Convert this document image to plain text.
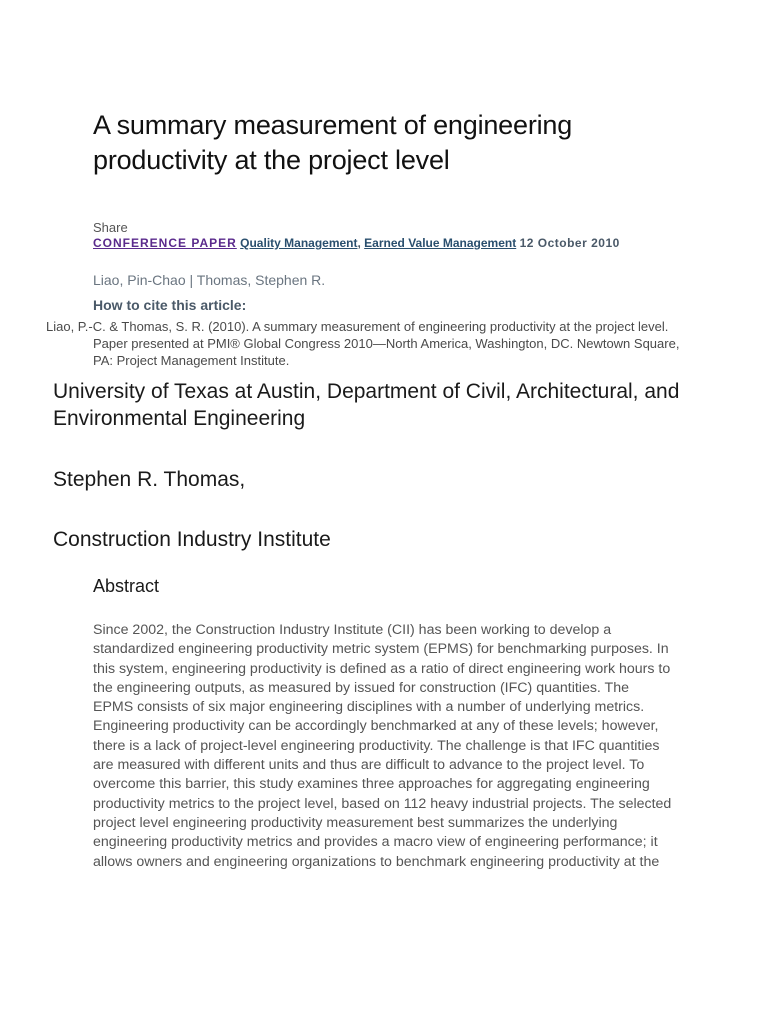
A summary measurement of engineering productivity at the project level
Share
CONFERENCE PAPER Quality Management, Earned Value Management 12 October 2010
Liao, Pin-Chao | Thomas, Stephen R.
How to cite this article:
Liao, P.-C. & Thomas, S. R. (2010). A summary measurement of engineering productivity at the project level. Paper presented at PMI® Global Congress 2010—North America, Washington, DC. Newtown Square, PA: Project Management Institute.
University of Texas at Austin, Department of Civil, Architectural, and Environmental Engineering
Stephen R. Thomas,
Construction Industry Institute
Abstract

Since 2002, the Construction Industry Institute (CII) has been working to develop a standardized engineering productivity metric system (EPMS) for benchmarking purposes. In this system, engineering productivity is defined as a ratio of direct engineering work hours to the engineering outputs, as measured by issued for construction (IFC) quantities. The EPMS consists of six major engineering disciplines with a number of underlying metrics. Engineering productivity can be accordingly benchmarked at any of these levels; however, there is a lack of project-level engineering productivity. The challenge is that IFC quantities are measured with different units and thus are difficult to advance to the project level. To overcome this barrier, this study examines three approaches for aggregating engineering productivity metrics to the project level, based on 112 heavy industrial projects. The selected project level engineering productivity measurement best summarizes the underlying engineering productivity metrics and provides a macro view of engineering performance; it allows owners and engineering organizations to benchmark engineering productivity at the
